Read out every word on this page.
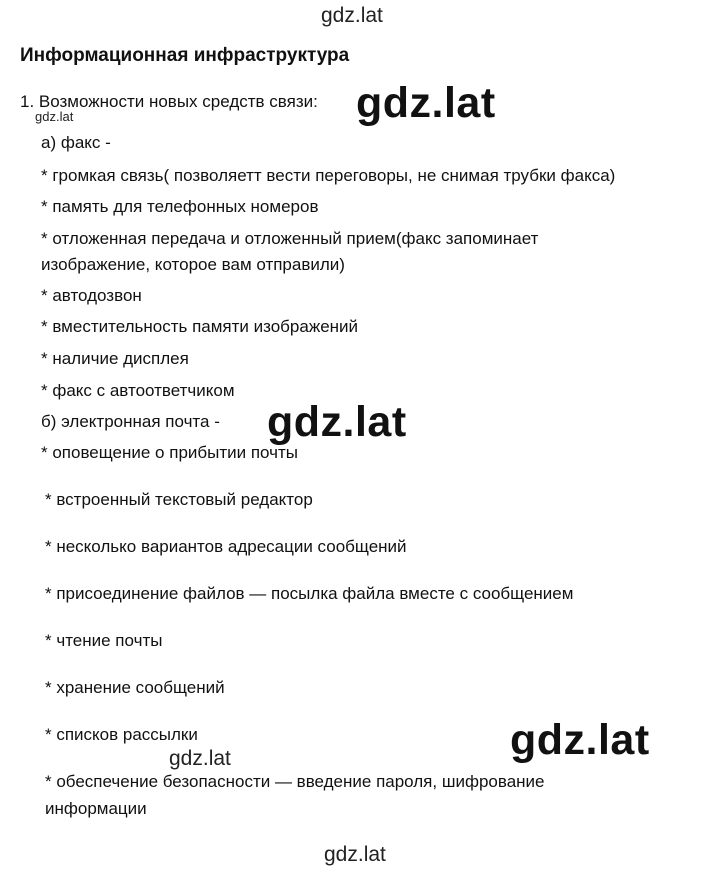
gdz.lat
gdz.lat
Информационная инфраструктура
1. Возможности новых средств связи:
а) факс -
* громкая связь( позволяетт вести переговоры, не снимая трубки факса)
* память для телефонных номеров
* отложенная передача и отложенный прием(факс запоминает
изображение, которое вам отправили)
* автодозвон
* вместительность памяти изображений
* наличие дисплея
* факс с автоответчиком
б) электронная почта -
* оповещение о прибытии почты
* встроенный текстовый редактор
* несколько вариантов адресации сообщений
* присоединение файлов — посылка файла вместе с сообщением
* чтение почты
* хранение сообщений
* списков рассылки
* обеспечение безопасности — введение пароля, шифрование
информации
gdz.lat
gdz.lat
gdz.lat
gdz.lat
gdz.lat
